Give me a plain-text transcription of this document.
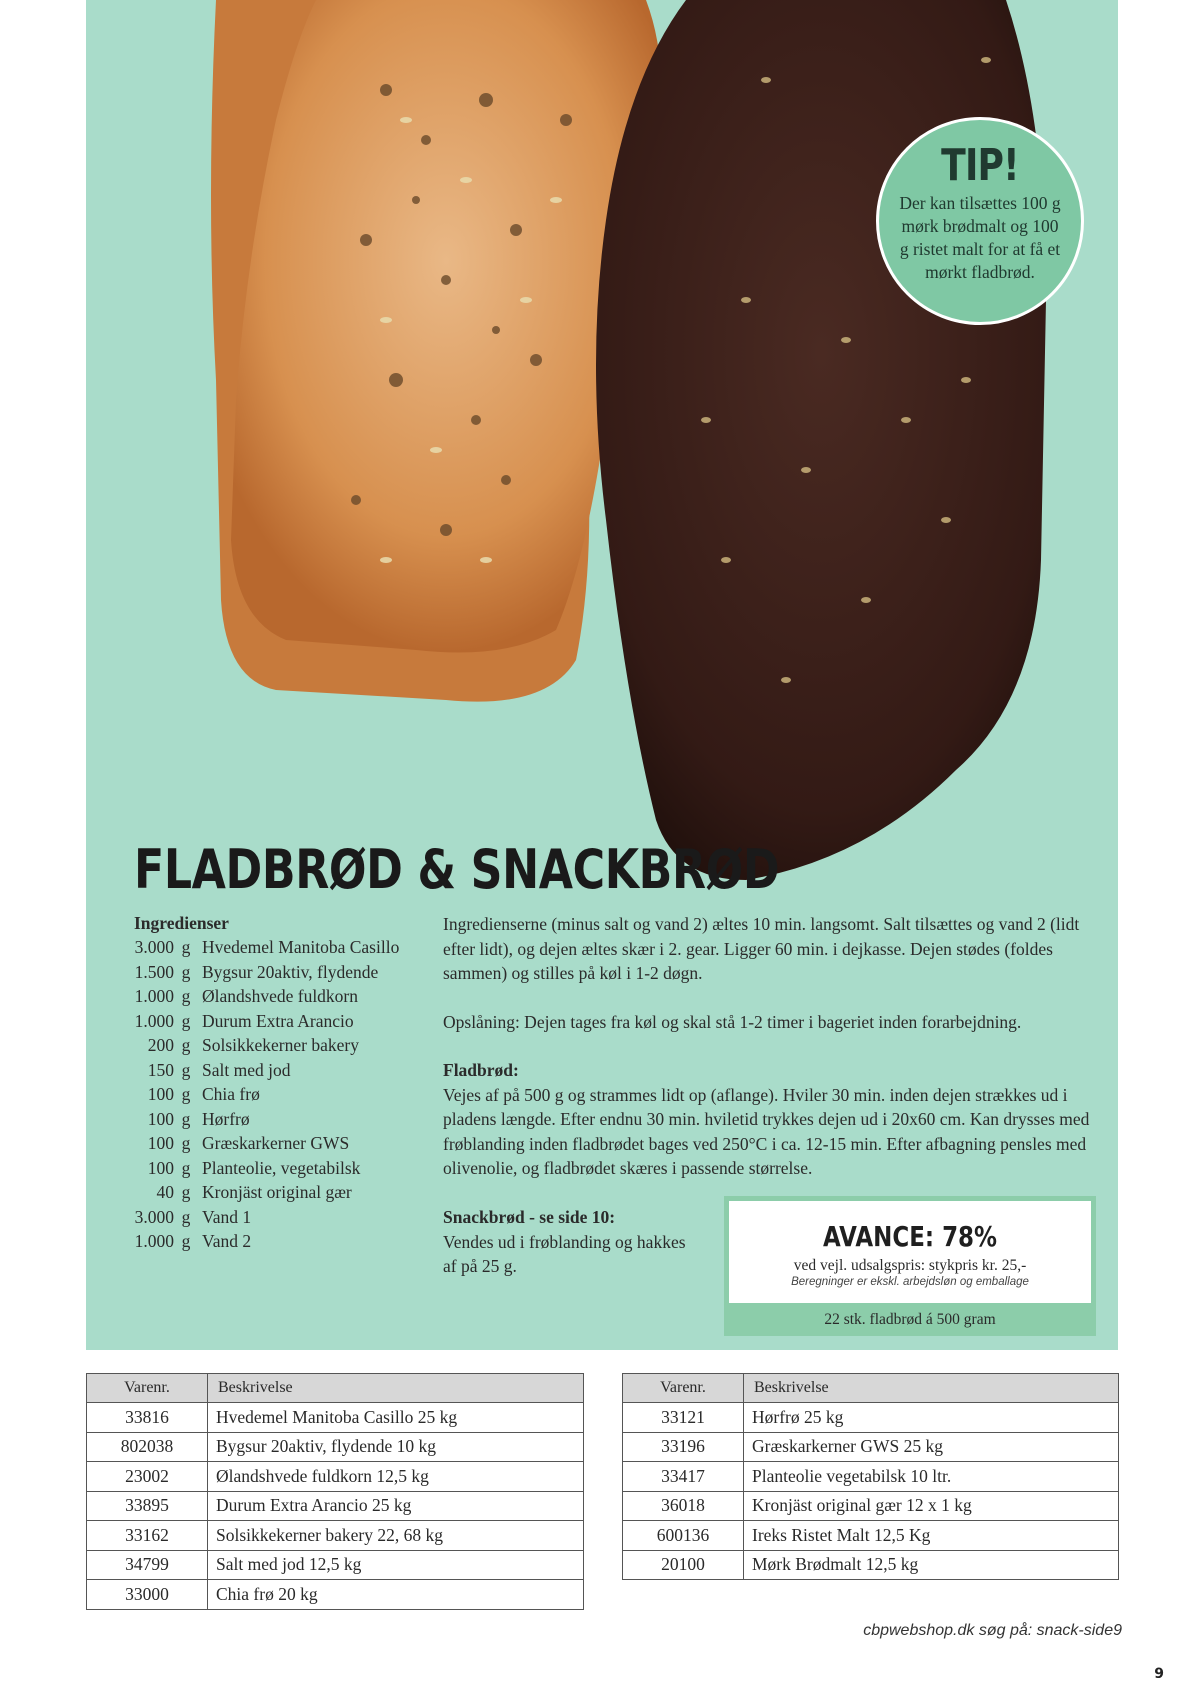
TIP!
Der kan tilsættes 100 g mørk brødmalt og 100 g ristet malt for at få et mørkt fladbrød.
FLADBRØD & SNACKBRØD
Ingredienser
3.000 g Hvedemel Manitoba Casillo
1.500 g Bygsur 20aktiv, flydende
1.000 g Ølandshvede fuldkorn
1.000 g Durum Extra Arancio
200 g Solsikkekerner bakery
150 g Salt med jod
100 g Chia frø
100 g Hørfrø
100 g Græskarkerner GWS
100 g Planteolie, vegetabilsk
40 g Kronjäst original gær
3.000 g Vand 1
1.000 g Vand 2

Ingredienserne (minus salt og vand 2) æltes 10 min. langsomt. Salt tilsættes og vand 2 (lidt efter lidt), og dejen æltes skær i 2. gear. Ligger 60 min. i dejkasse. Dejen stødes (foldes sammen) og stilles på køl i 1-2 døgn.

Opslåning: Dejen tages fra køl og skal stå 1-2 timer i bageriet inden forarbejdning.

Fladbrød:

Vejes af på 500 g og strammes lidt op (aflange). Hviler 30 min. inden dejen strækkes ud i pladens længde. Efter endnu 30 min. hviletid trykkes dejen ud i 20x60 cm. Kan drysses med frøblanding inden fladbrødet bages ved 250°C i ca. 12-15 min. Efter afbagning pensles med olivenolie, og fladbrødet skæres i passende størrelse.

Snackbrød - se side 10:
Vendes ud i frøblanding og hakkes af på 25 g.
AVANCE: 78%
ved vejl. udsalgspris: stykpris kr. 25,-
Beregninger er ekskl. arbejdsløn og emballage
22 stk. fladbrød á 500 gram
Varenr.	Beskrivelse
33816	Hvedemel Manitoba Casillo 25 kg
802038	Bygsur 20aktiv, flydende 10 kg
23002	Ølandshvede fuldkorn 12,5 kg
33895	Durum Extra Arancio 25 kg
33162	Solsikkekerner bakery 22, 68 kg
34799	Salt med jod 12,5 kg
33000	Chia frø 20 kg
Varenr.	Beskrivelse
33121	Hørfrø 25 kg
33196	Græskarkerner GWS 25 kg
33417	Planteolie vegetabilsk 10 ltr.
36018	Kronjäst original gær 12 x 1 kg
600136	Ireks Ristet Malt 12,5 Kg
20100	Mørk Brødmalt 12,5 kg
cbpwebshop.dk søg på: snack-side9
9
